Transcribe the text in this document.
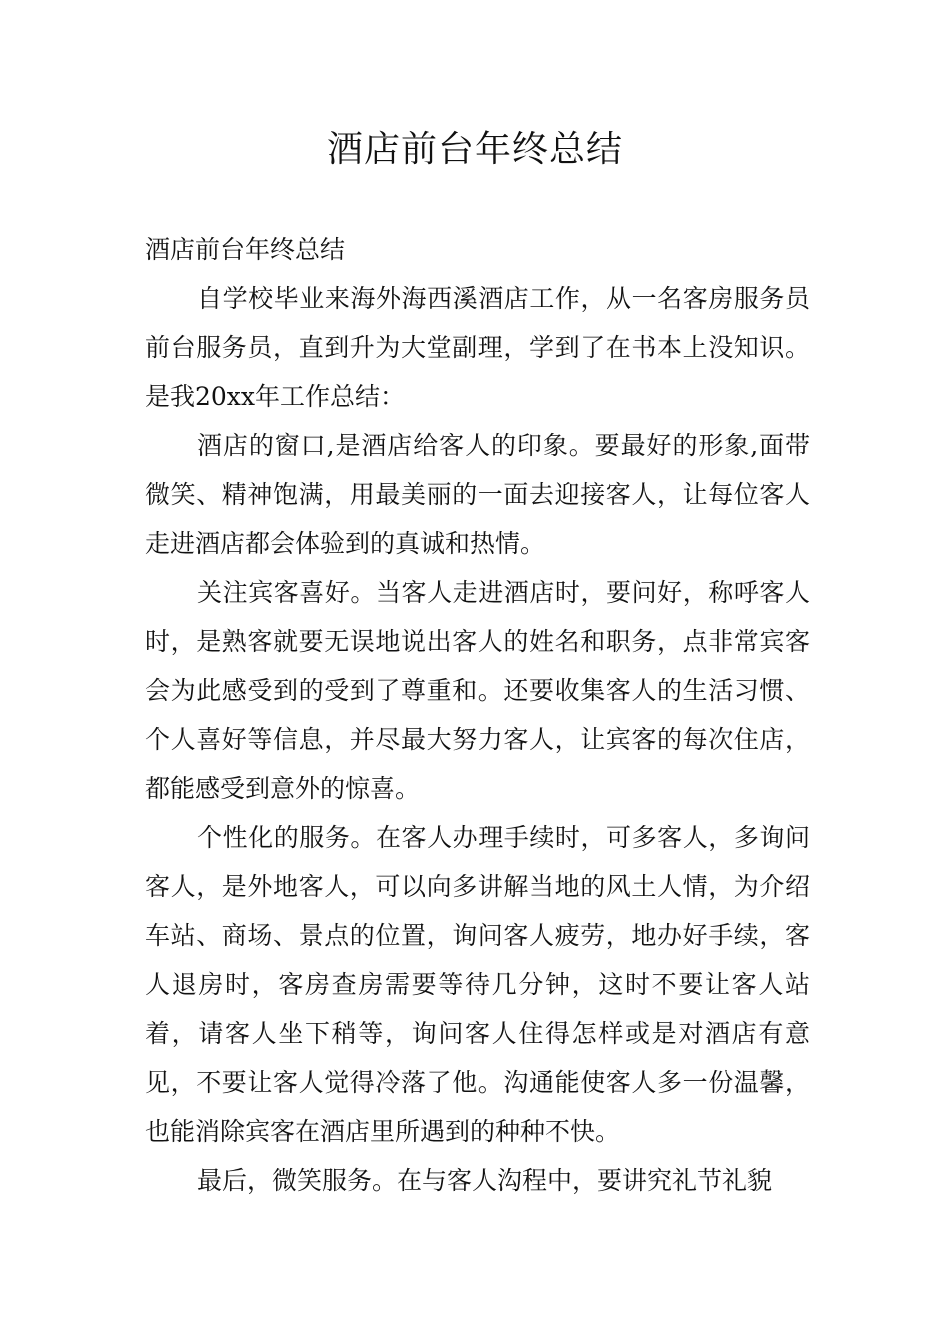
酒店前台年终总结

酒店前台年终总结

自学校毕业来海外海西溪酒店工作，从一名客房服务员前台服务员，直到升为大堂副理，学到了在书本上没知识。是我20xx年工作总结：

酒店的窗口,是酒店给客人的印象。要最好的形象,面带微笑、精神饱满，用最美丽的一面去迎接客人，让每位客人走进酒店都会体验到的真诚和热情。

关注宾客喜好。当客人走进酒店时，要问好，称呼客人时，是熟客就要无误地说出客人的姓名和职务，点非常宾客会为此感受到的受到了尊重和。还要收集客人的生活习惯、个人喜好等信息，并尽最大努力客人，让宾客的每次住店，都能感受到意外的惊喜。

个性化的服务。在客人办理手续时，可多客人，多询问客人，是外地客人，可以向多讲解当地的风土人情，为介绍车站、商场、景点的位置，询问客人疲劳，地办好手续，客人退房时，客房查房需要等待几分钟，这时不要让客人站着，请客人坐下稍等，询问客人住得怎样或是对酒店有意见，不要让客人觉得冷落了他。沟通能使客人多一份温馨，也能消除宾客在酒店里所遇到的种种不快。

最后，微笑服务。在与客人沟程中，要讲究礼节礼貌
